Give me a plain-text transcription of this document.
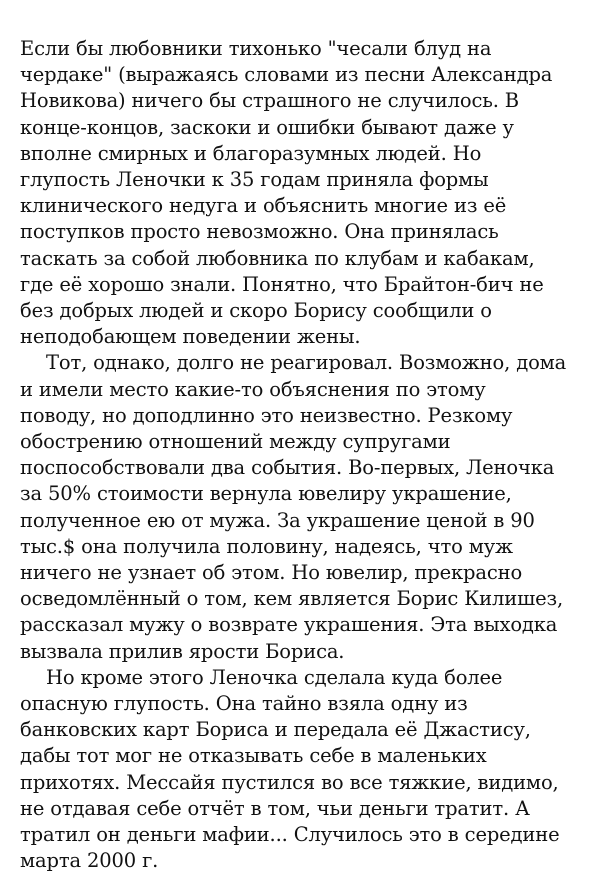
Если бы любовники тихонько "чесали блуд на
чердаке" (выражаясь словами из песни Александра
Новикова) ничего бы страшного не случилось. В
конце-концов, заскоки и ошибки бывают даже у
вполне смирных и благоразумных людей. Но
глупость Леночки к 35 годам приняла формы
клинического недуга и объяснить многие из её
поступков просто невозможно. Она принялась
таскать за собой любовника по клубам и кабакам,
где её хорошо знали. Понятно, что Брайтон-бич не
без добрых людей и скоро Борису сообщили о
неподобающем поведении жены.

Тот, однако, долго не реагировал. Возможно, дома
и имели место какие-то объяснения по этому
поводу, но доподлинно это неизвестно. Резкому
обострению отношений между супругами
поспособствовали два события. Во-первых, Леночка
за 50% стоимости вернула ювелиру украшение,
полученное ею от мужа. За украшение ценой в 90
тыс.$ она получила половину, надеясь, что муж
ничего не узнает об этом. Но ювелир, прекрасно
осведомлённый о том, кем является Борис Килишез,
рассказал мужу о возврате украшения. Эта выходка
вызвала прилив ярости Бориса.

Но кроме этого Леночка сделала куда более
опасную глупость. Она тайно взяла одну из
банковских карт Бориса и передала её Джастису,
дабы тот мог не отказывать себе в маленьких
прихотях. Мессайя пустился во все тяжкие, видимо,
не отдавая себе отчёт в том, чьи деньги тратит. А
тратил он деньги мафии... Случилось это в середине
марта 2000 г.
